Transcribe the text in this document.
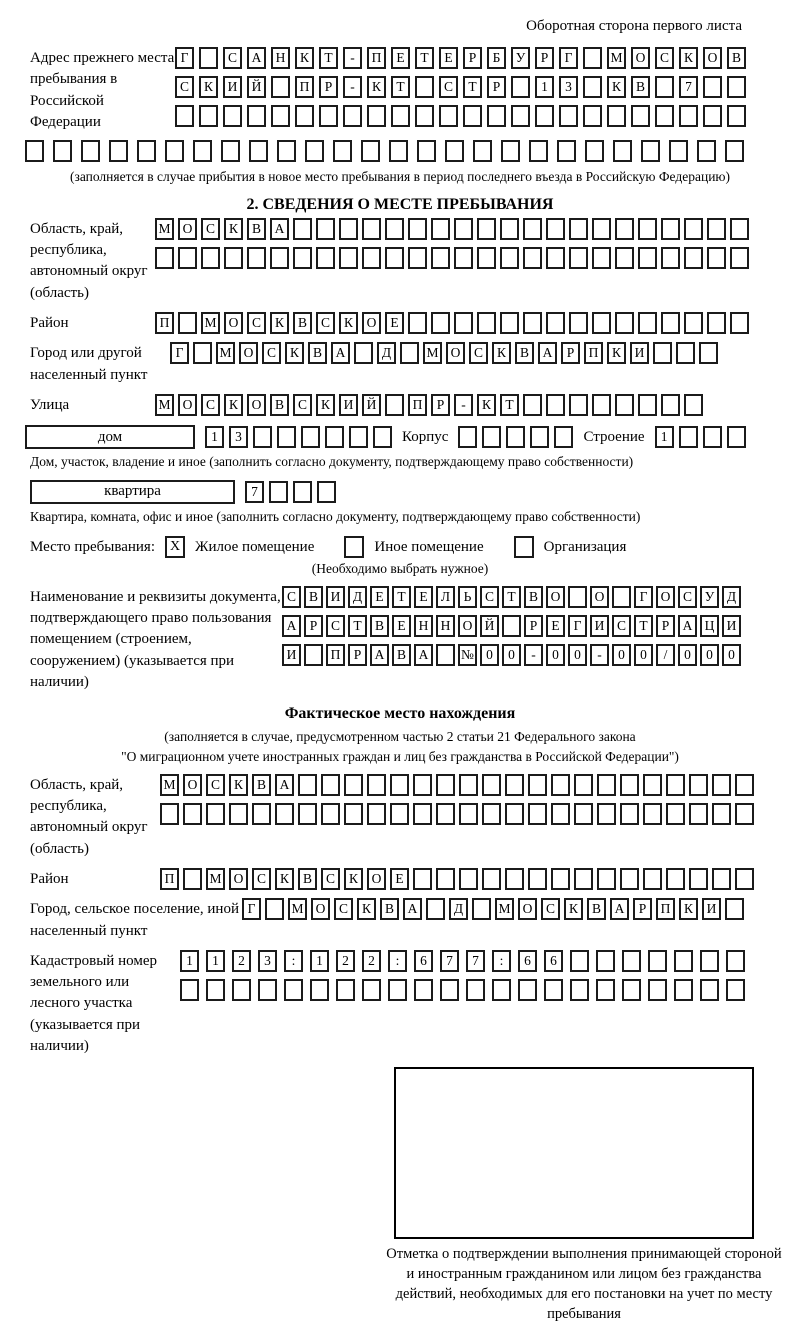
Оборотная сторона первого листа
Адрес прежнего места пребывания в Российской Федерации
Г	С	А	Н	К	Т	-	П	Е	Т	Е	Р	Б	У	Р	Г	М О	С	К	О	В
С	К	И	Й	П	Р	-	К	Т	С	Т	Р	1	3	К	В	7
(заполняется в случае прибытия в новое место пребывания в период последнего въезда в Российскую Федерацию)
2. СВЕДЕНИЯ О МЕСТЕ ПРЕБЫВАНИЯ
Область, край, республика, автономный округ (область)
М О	С	К	В	А
Район	П	М О	С	К	В	С	К	О	Е
Город или другой населенный пункт
Г	М О	С	К	В	А	Д	М О	С	К	В	А	Р	П	К	И
Улица	М О	С	К	О	В	С	К	И Й	П	Р	-	К	Т
дом	1	3	Корпус	Строение	1
Дом, участок, владение и иное (заполнить согласно документу, подтверждающему право собственности)
квартира	7
Квартира, комната, офис и иное (заполнить согласно документу, подтверждающему право собственности)
Место пребывания:	X Жилое помещение	Иное помещение	Организация
(Необходимо выбрать нужное)
Наименование и реквизиты документа, подтверждающего право пользования помещением (строением, сооружением) (указывается при наличии)
С В И Д Е	Т	Е Л	Ь	С Т В О	О	Г О С У Д
А Р	С Т В Е Н Н О Й	Р	Е	Г И С Т	Р А Ц И
И	П Р А В А	№ 0	0	-	0	0	-	0	0	/	0	0	0
Фактическое место нахождения
(заполняется в случае, предусмотренном частью 2 статьи 21 Федерального закона
"О миграционном учете иностранных граждан и лиц без гражданства в Российской Федерации")
Область, край, республика, автономный округ (область)
М О	С	К	В	А
Район	П	М О	С	К	В	С	К	О	Е
Город, сельское поселение, иной населенный пункт
Г	М О	С	К	В	А	Д	М О	С	К	В	А	Р	П	К	И
Кадастровый номер земельного или лесного участка (указывается при наличии)
1	1	2	3	:	1	2	2	:	6	7	7	:	6	6
Отметка о подтверждении выполнения принимающей стороной и иностранным гражданином или лицом без гражданства действий, необходимых для его постановки на учет по месту пребывания
